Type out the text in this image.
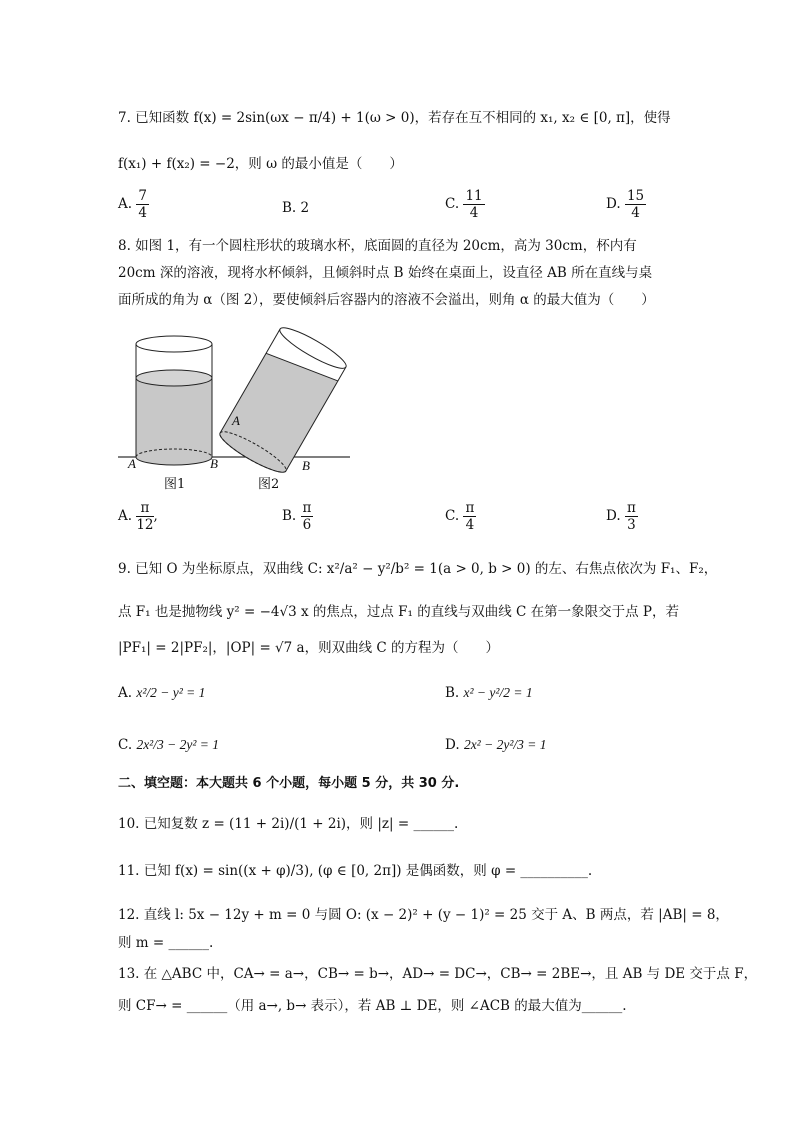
7. 已知函数 f(x) = 2sin(ωx − π/4) + 1(ω > 0)，若存在互不相同的 x₁, x₂ ∈ [0, π]，使得
f(x₁) + f(x₂) = −2，则 ω 的最小值是（　　）
A. $\frac{7}{4}$	B. 2	C. $\frac{11}{4}$	D. $\frac{15}{4}$
8. 如图 1，有一个圆柱形状的玻璃水杯，底面圆的直径为 20cm，高为 30cm，杯内有
20cm 深的溶液，现将水杯倾斜，且倾斜时点 B 始终在桌面上，设直径 AB 所在直线与桌
面所成的角为 α（图 2），要使倾斜后容器内的溶液不会溢出，则角 α 的最大值为（　　）
A	B
A
B
图1	图2
A. $\frac{\pi}{12}$ ,	B. $\frac{\pi}{6}$	C. $\frac{\pi}{4}$	D. $\frac{\pi}{3}$
9. 已知 O 为坐标原点，双曲线 C: x²/a² − y²/b² = 1(a > 0, b > 0) 的左、右焦点依次为 F₁、F₂，
点 F₁ 也是抛物线 y² = −4√3 x 的焦点，过点 F₁ 的直线与双曲线 C 在第一象限交于点 P，若
|PF₁| = 2|PF₂|，|OP| = √7 a，则双曲线 C 的方程为（　　）
A. x²/2 − y² = 1	B. x² − y²/2 = 1
C. 2x²/3 − 2y² = 1	D. 2x² − 2y²/3 = 1
二、填空题：本大题共 6 个小题，每小题 5 分，共 30 分.
10. 已知复数 z = (11 + 2i)/(1 + 2i)，则 |z| = ______.
11. 已知 f(x) = sin((x + φ)/3), (φ ∈ [0, 2π]) 是偶函数，则 φ = __________.
12. 直线 l: 5x − 12y + m = 0 与圆 O: (x − 2)² + (y − 1)² = 25 交于 A、B 两点，若 |AB| = 8，
则 m = ______.
13. 在 △ABC 中，CA→ = a→，CB→ = b→，AD→ = DC→，CB→ = 2BE→，且 AB 与 DE 交于点 F，
则 CF→ = ______（用 a→, b→ 表示），若 AB ⊥ DE，则 ∠ACB 的最大值为______.
